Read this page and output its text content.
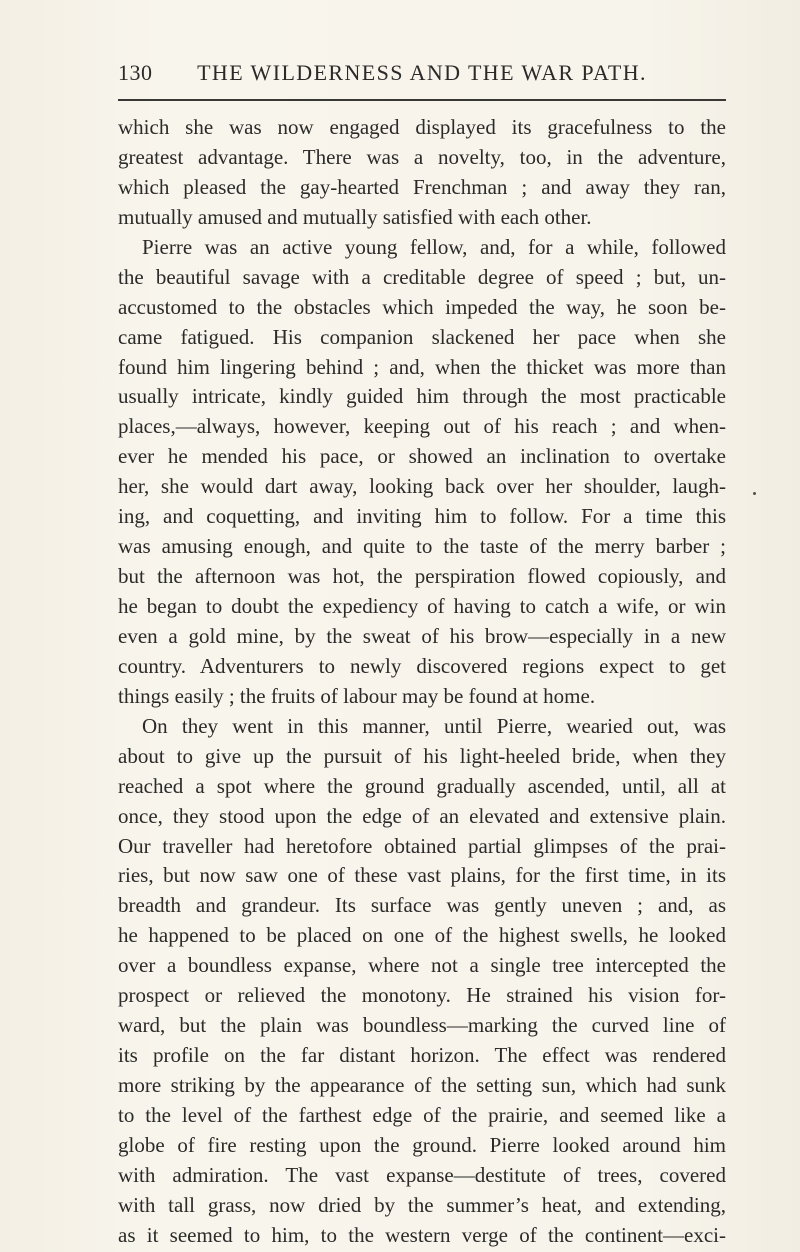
130	THE WILDERNESS AND THE WAR PATH.
which she was now engaged displayed its gracefulness to the
greatest advantage. There was a novelty, too, in the adventure,
which pleased the gay-hearted Frenchman ; and away they ran,
mutually amused and mutually satisfied with each other.
Pierre was an active young fellow, and, for a while, followed
the beautiful savage with a creditable degree of speed ; but, un-
accustomed to the obstacles which impeded the way, he soon be-
came fatigued. His companion slackened her pace when she
found him lingering behind ; and, when the thicket was more than
usually intricate, kindly guided him through the most practicable
places,—always, however, keeping out of his reach ; and when-
ever he mended his pace, or showed an inclination to overtake
her, she would dart away, looking back over her shoulder, laugh-
ing, and coquetting, and inviting him to follow. For a time this
was amusing enough, and quite to the taste of the merry barber ;
but the afternoon was hot, the perspiration flowed copiously, and
he began to doubt the expediency of having to catch a wife, or win
even a gold mine, by the sweat of his brow—especially in a new
country. Adventurers to newly discovered regions expect to get
things easily ; the fruits of labour may be found at home.
On they went in this manner, until Pierre, wearied out, was
about to give up the pursuit of his light-heeled bride, when they
reached a spot where the ground gradually ascended, until, all at
once, they stood upon the edge of an elevated and extensive plain.
Our traveller had heretofore obtained partial glimpses of the prai-
ries, but now saw one of these vast plains, for the first time, in its
breadth and grandeur. Its surface was gently uneven ; and, as
he happened to be placed on one of the highest swells, he looked
over a boundless expanse, where not a single tree intercepted the
prospect or relieved the monotony. He strained his vision for-
ward, but the plain was boundless—marking the curved line of
its profile on the far distant horizon. The effect was rendered
more striking by the appearance of the setting sun, which had sunk
to the level of the farthest edge of the prairie, and seemed like a
globe of fire resting upon the ground. Pierre looked around him
with admiration. The vast expanse—destitute of trees, covered
with tall grass, now dried by the summer’s heat, and extending,
as it seemed to him, to the western verge of the continent—exci-
